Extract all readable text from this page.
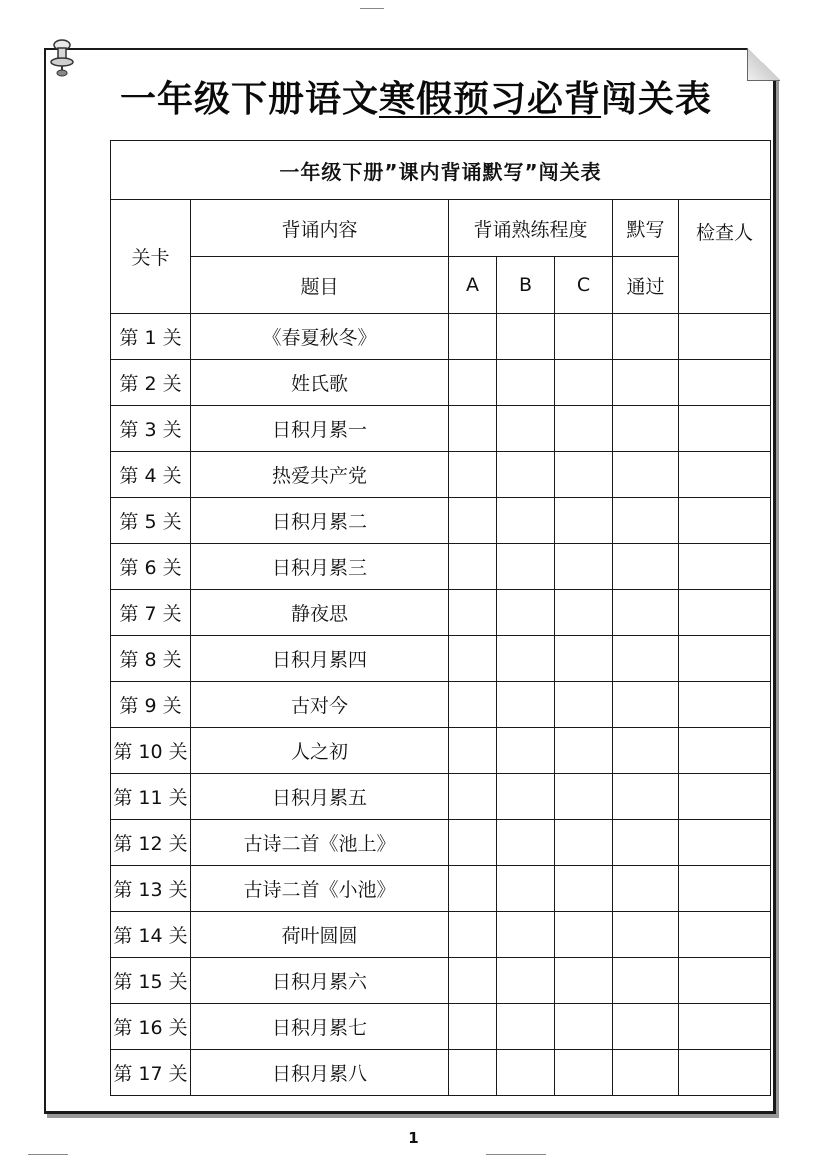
一年级下册语文寒假预习必背闯关表
一年级下册”课内背诵默写”闯关表						
关卡	背诵内容	背诵熟练程度			默写	检查人
	题目	A	B	C	通过	
第 1 关	《春夏秋冬》					
第 2 关	姓氏歌					
第 3 关	日积月累一					
第 4 关	热爱共产党					
第 5 关	日积月累二					
第 6 关	日积月累三					
第 7 关	静夜思					
第 8 关	日积月累四					
第 9 关	古对今					
第 10 关	人之初					
第 11 关	日积月累五					
第 12 关	古诗二首《池上》					
第 13 关	古诗二首《小池》					
第 14 关	荷叶圆圆					
第 15 关	日积月累六					
第 16 关	日积月累七					
第 17 关	日积月累八					
1
